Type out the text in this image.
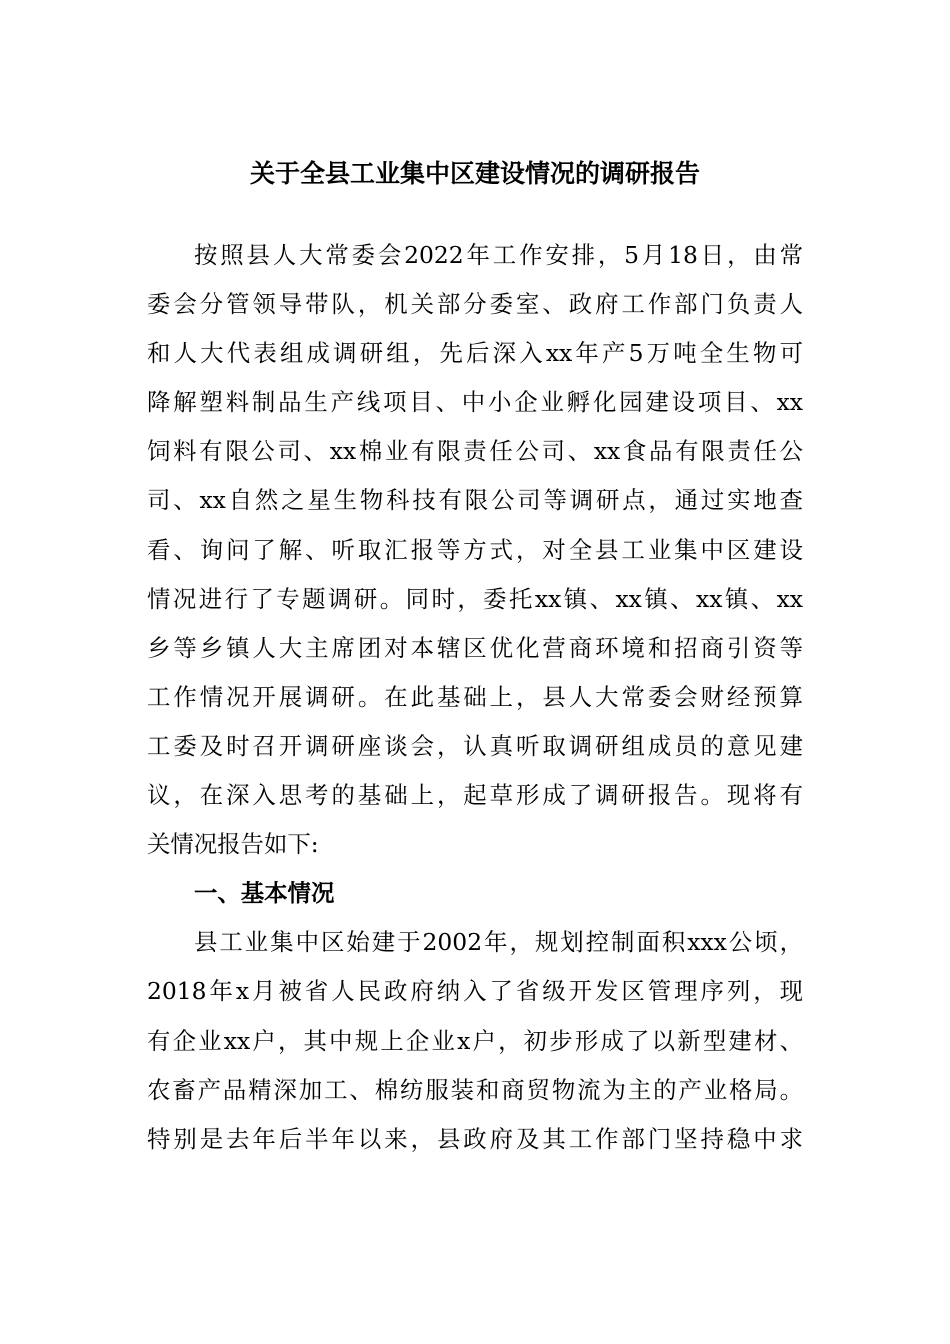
关于全县工业集中区建设情况的调研报告
按照县人大常委会2022年工作安排，5月18日，由常
委会分管领导带队，机关部分委室、政府工作部门负责人
和人大代表组成调研组，先后深入xx年产5万吨全生物可
降解塑料制品生产线项目、中小企业孵化园建设项目、xx
饲料有限公司、xx棉业有限责任公司、xx食品有限责任公
司、xx自然之星生物科技有限公司等调研点，通过实地查
看、询问了解、听取汇报等方式，对全县工业集中区建设
情况进行了专题调研。同时，委托xx镇、xx镇、xx镇、xx
乡等乡镇人大主席团对本辖区优化营商环境和招商引资等
工作情况开展调研。在此基础上，县人大常委会财经预算
工委及时召开调研座谈会，认真听取调研组成员的意见建
议，在深入思考的基础上，起草形成了调研报告。现将有
关情况报告如下:
一、基本情况
县工业集中区始建于2002年，规划控制面积xxx公顷，
2018年x月被省人民政府纳入了省级开发区管理序列，现
有企业xx户，其中规上企业x户，初步形成了以新型建材、
农畜产品精深加工、棉纺服装和商贸物流为主的产业格局。
特别是去年后半年以来，县政府及其工作部门坚持稳中求
